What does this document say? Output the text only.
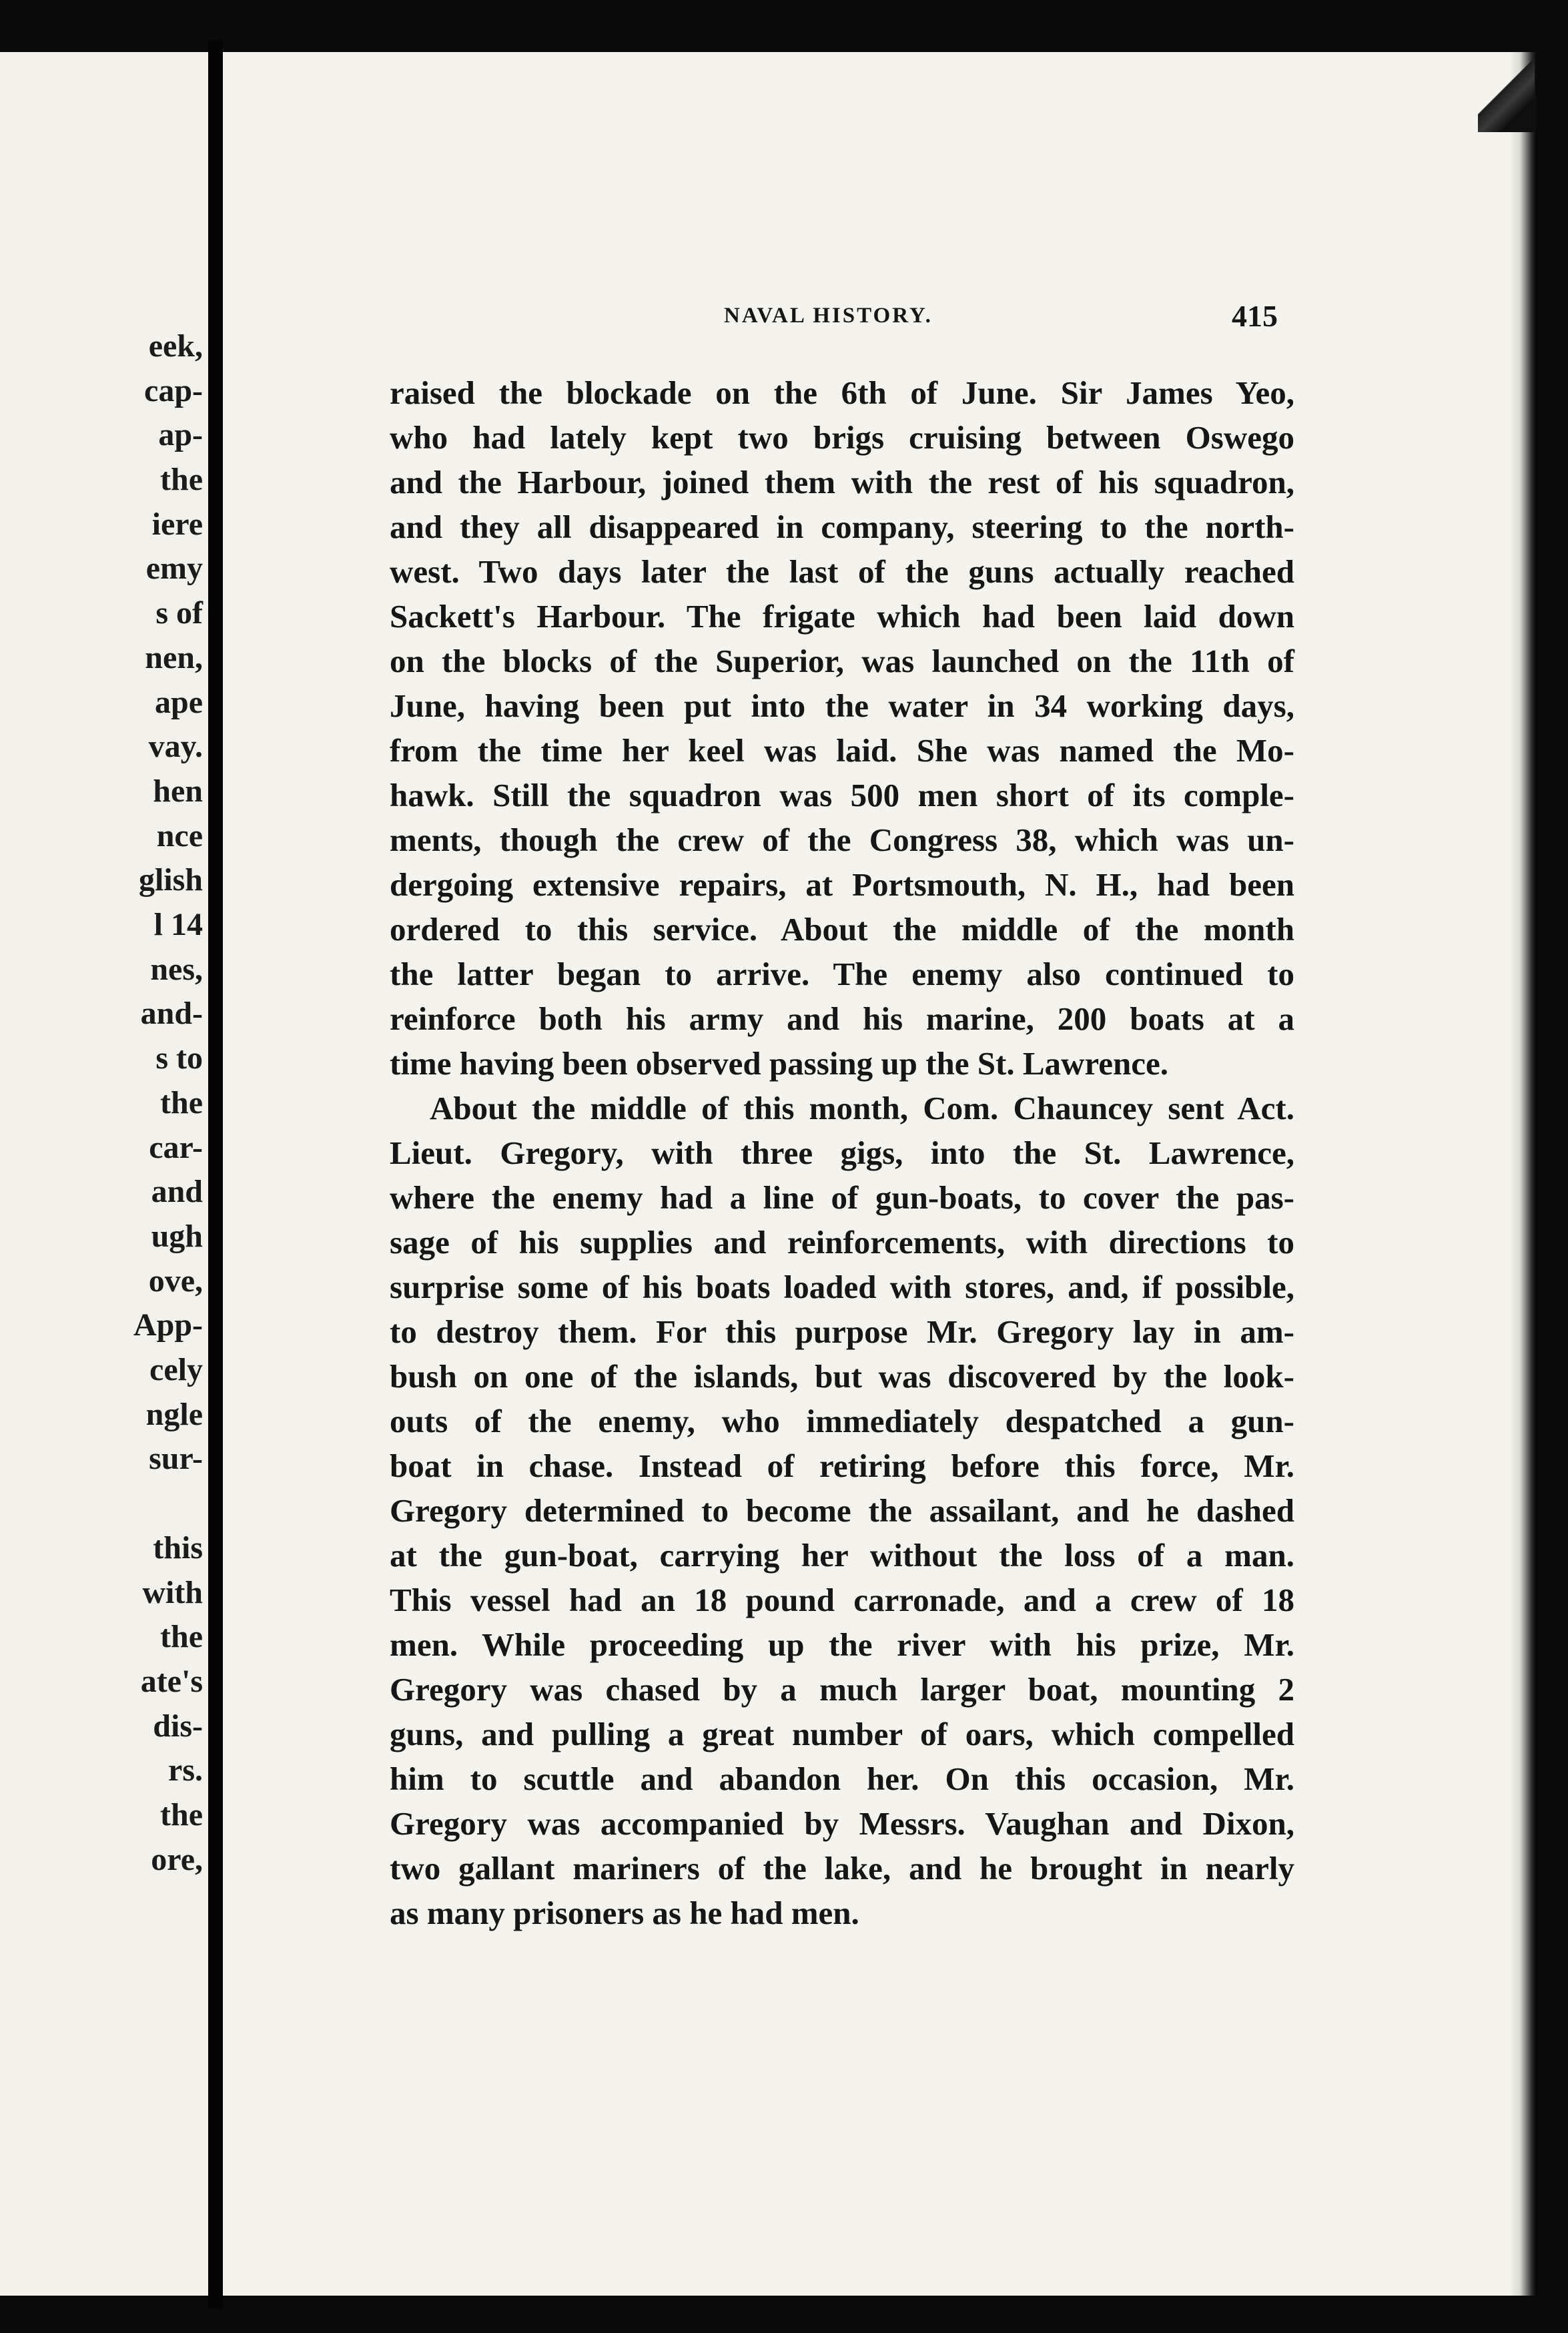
eek,
cap-
ap-
the
iere
emy
s of
nen,
ape
vay.
hen
nce
glish
l 14
nes,
and-
s to
the
car-
and
ugh
ove,
App-
cely
ngle
sur-
this
with
the
ate's
dis-
rs.
the
ore,
NAVAL HISTORY.	415
raised the blockade on the 6th of June. Sir James Yeo,
who had lately kept two brigs cruising between Oswego
and the Harbour, joined them with the rest of his squadron,
and they all disappeared in company, steering to the north-
west. Two days later the last of the guns actually reached
Sackett's Harbour. The frigate which had been laid down
on the blocks of the Superior, was launched on the 11th of
June, having been put into the water in 34 working days,
from the time her keel was laid. She was named the Mo-
hawk. Still the squadron was 500 men short of its comple-
ments, though the crew of the Congress 38, which was un-
dergoing extensive repairs, at Portsmouth, N. H., had been
ordered to this service. About the middle of the month
the latter began to arrive. The enemy also continued to
reinforce both his army and his marine, 200 boats at a
time having been observed passing up the St. Lawrence.
About the middle of this month, Com. Chauncey sent Act.
Lieut. Gregory, with three gigs, into the St. Lawrence,
where the enemy had a line of gun-boats, to cover the pas-
sage of his supplies and reinforcements, with directions to
surprise some of his boats loaded with stores, and, if possible,
to destroy them. For this purpose Mr. Gregory lay in am-
bush on one of the islands, but was discovered by the look-
outs of the enemy, who immediately despatched a gun-
boat in chase. Instead of retiring before this force, Mr.
Gregory determined to become the assailant, and he dashed
at the gun-boat, carrying her without the loss of a man.
This vessel had an 18 pound carronade, and a crew of 18
men. While proceeding up the river with his prize, Mr.
Gregory was chased by a much larger boat, mounting 2
guns, and pulling a great number of oars, which compelled
him to scuttle and abandon her. On this occasion, Mr.
Gregory was accompanied by Messrs. Vaughan and Dixon,
two gallant mariners of the lake, and he brought in nearly
as many prisoners as he had men.
